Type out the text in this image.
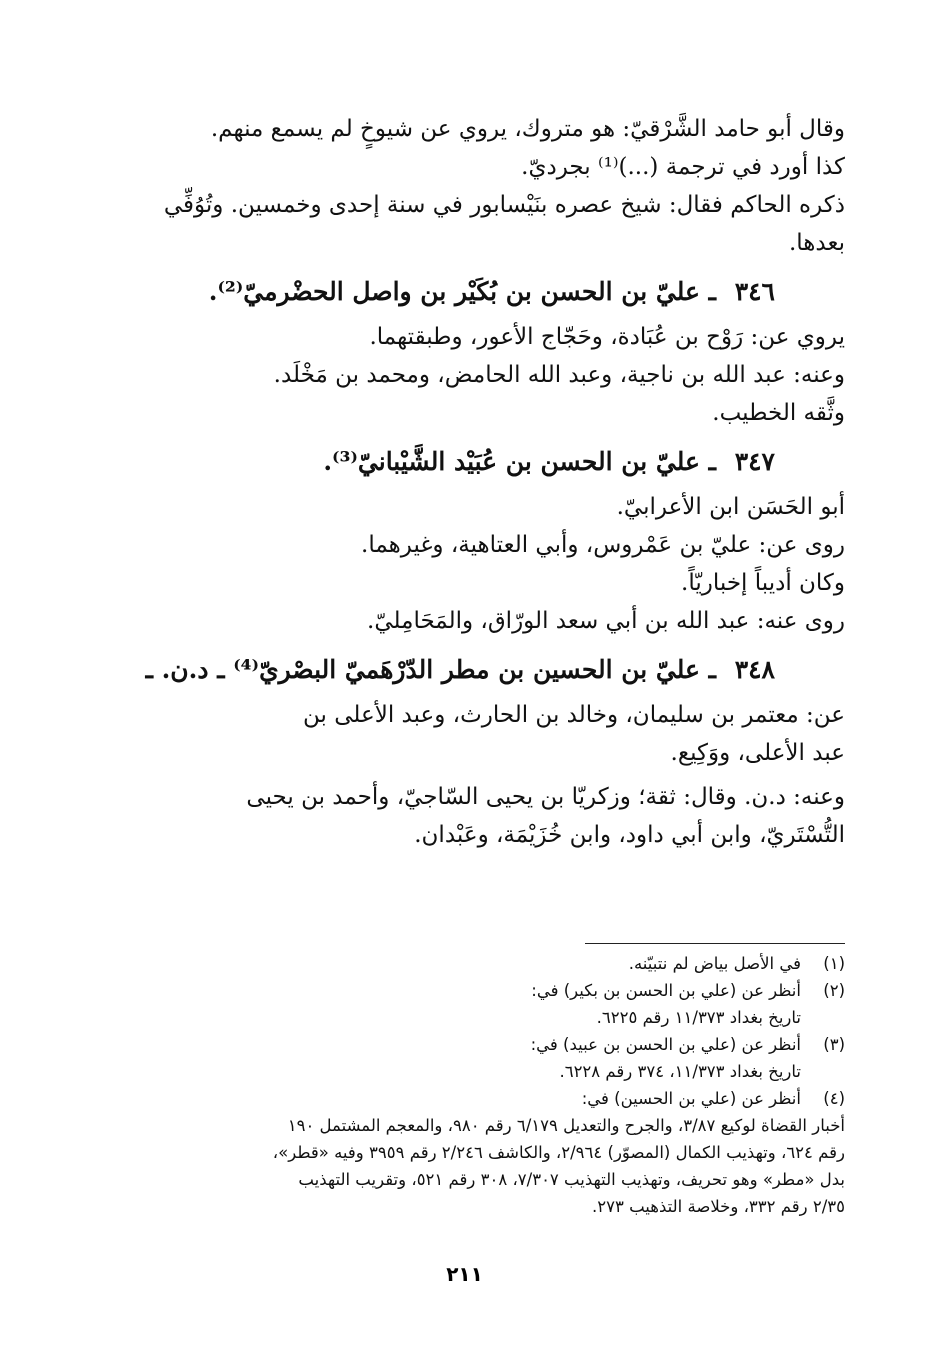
وقال أبو حامد الشَّرْقيّ: هو متروك، يروي عن شيوخٍ لم يسمع منهم.

كذا أورد في ترجمة (...)⁽¹⁾ بجرديّ.

ذكره الحاكم فقال: شيخ عصره بنَيْسابور في سنة إحدى وخمسين. وتُوُفِّي

بعدها.

٣٤٦ ـ عليّ بن الحسن بن بُكَيْر بن واصل الحضْرميّ⁽²⁾.

يروي عن: رَوْح بن عُبَادة، وحَجّاج الأعور، وطبقتهما.

وعنه: عبد الله بن ناجية، وعبد الله الحامض، ومحمد بن مَخْلَد.

وثَّقه الخطيب.

٣٤٧ ـ عليّ بن الحسن بن عُبَيْد الشَّيْبانيّ⁽³⁾.

أبو الحَسَن ابن الأعرابيّ.

روى عن: عليّ بن عَمْروس، وأبي العتاهية، وغيرهما.

وكان أديباً إخباريّاً.

روى عنه: عبد الله بن أبي سعد الورّاق، والمَحَامِليّ.

٣٤٨ ـ عليّ بن الحسين بن مطر الدّرْهَميّ البصْريّ⁽⁴⁾ ـ د.ن. ـ

عن: معتمر بن سليمان، وخالد بن الحارث، وعبد الأعلى بن

عبد الأعلى، ووَكِيع.

وعنه: د.ن. وقال: ثقة؛ وزكريّا بن يحيى السّاجيّ، وأحمد بن يحيى

التُّسْتَريّ، وابن أبي داود، وابن خُزَيْمَة، وعَبْدان.

(١)
في الأصل بياض لم نتبيّنه.
(٢)
أنظر عن (علي بن الحسن بن بكير) في:
تاريخ بغداد ١١/٣٧٣ رقم ٦٢٢٥.
(٣)
أنظر عن (علي بن الحسن بن عبيد) في:
تاريخ بغداد ١١/٣٧٣، ٣٧٤ رقم ٦٢٢٨.
(٤)
أنظر عن (علي بن الحسين) في:
أخبار القضاة لوكيع ٣/٨٧، والجرح والتعديل ٦/١٧٩ رقم ٩٨٠، والمعجم المشتمل ١٩٠
رقم ٦٢٤، وتهذيب الكمال (المصوّر) ٢/٩٦٤، والكاشف ٢/٢٤٦ رقم ٣٩٥٩ وفيه «قطر»،
بدل «مطر» وهو تحريف، وتهذيب التهذيب ٧/٣٠٧، ٣٠٨ رقم ٥٢١، وتقريب التهذيب
٢/٣٥ رقم ٣٣٢، وخلاصة التذهيب ٢٧٣.
٢١١
